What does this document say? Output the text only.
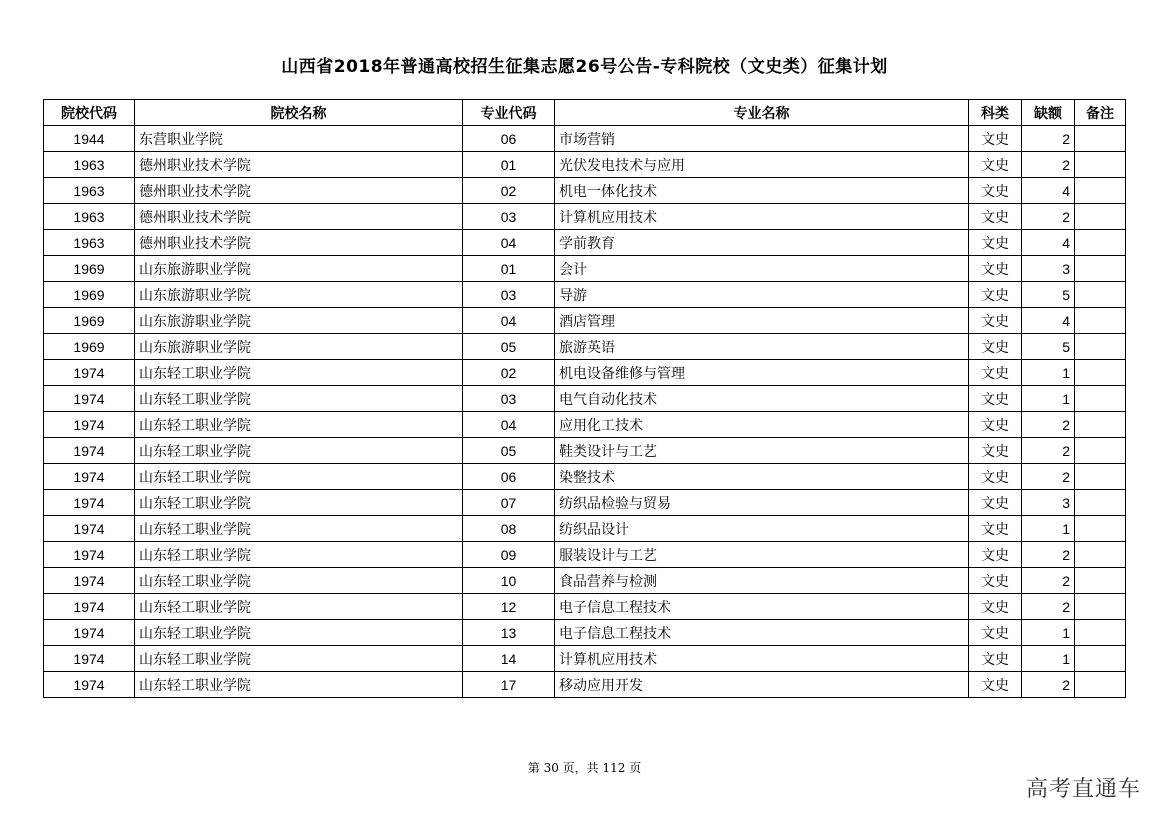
山西省2018年普通高校招生征集志愿26号公告-专科院校（文史类）征集计划
院校代码	院校名称	专业代码	专业名称	科类	缺额	备注
1944	东营职业学院	06	市场营销	文史	2	
1963	德州职业技术学院	01	光伏发电技术与应用	文史	2	
1963	德州职业技术学院	02	机电一体化技术	文史	4	
1963	德州职业技术学院	03	计算机应用技术	文史	2	
1963	德州职业技术学院	04	学前教育	文史	4	
1969	山东旅游职业学院	01	会计	文史	3	
1969	山东旅游职业学院	03	导游	文史	5	
1969	山东旅游职业学院	04	酒店管理	文史	4	
1969	山东旅游职业学院	05	旅游英语	文史	5	
1974	山东轻工职业学院	02	机电设备维修与管理	文史	1	
1974	山东轻工职业学院	03	电气自动化技术	文史	1	
1974	山东轻工职业学院	04	应用化工技术	文史	2	
1974	山东轻工职业学院	05	鞋类设计与工艺	文史	2	
1974	山东轻工职业学院	06	染整技术	文史	2	
1974	山东轻工职业学院	07	纺织品检验与贸易	文史	3	
1974	山东轻工职业学院	08	纺织品设计	文史	1	
1974	山东轻工职业学院	09	服装设计与工艺	文史	2	
1974	山东轻工职业学院	10	食品营养与检测	文史	2	
1974	山东轻工职业学院	12	电子信息工程技术	文史	2	
1974	山东轻工职业学院	13	电子信息工程技术	文史	1	
1974	山东轻工职业学院	14	计算机应用技术	文史	1	
1974	山东轻工职业学院	17	移动应用开发	文史	2	
第 30 页，共 112 页
高考直通车
